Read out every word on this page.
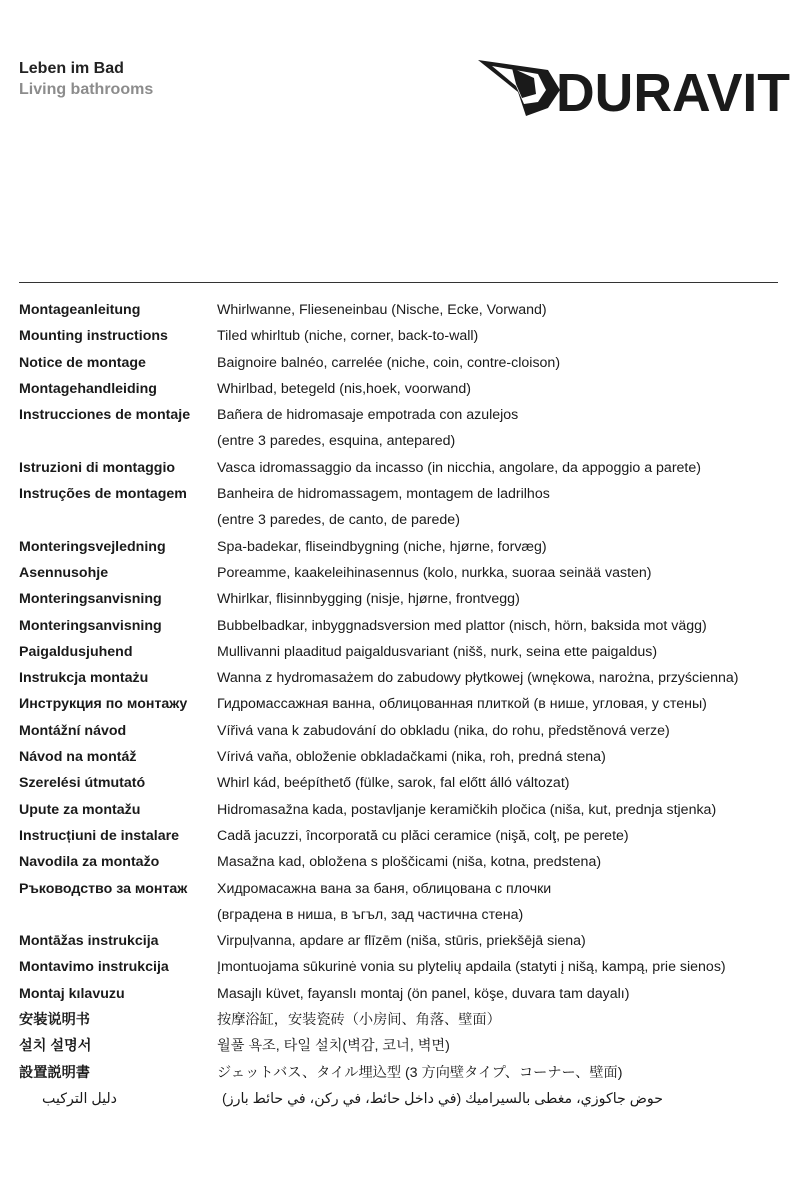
Leben im Bad
Living bathrooms	DURAVIT
Montageanleitung	Whirlwanne, Flieseneinbau (Nische, Ecke, Vorwand)
Mounting instructions	Tiled whirltub (niche, corner, back-to-wall)
Notice de montage	Baignoire balnéo, carrelée (niche, coin, contre-cloison)
Montagehandleiding	Whirlbad, betegeld (nis,hoek, voorwand)
Instrucciones de montaje	Bañera de hidromasaje empotrada con azulejos
(entre 3 paredes, esquina, antepared)
Istruzioni di montaggio	Vasca idromassaggio da incasso (in nicchia, angolare, da appoggio a parete)
Instruções de montagem	Banheira de hidromassagem, montagem de ladrilhos
(entre 3 paredes, de canto, de parede)
Monteringsvejledning	Spa-badekar, fliseindbygning (niche, hjørne, forvæg)
Asennusohje	Poreamme, kaakeleihinasennus (kolo, nurkka, suoraa seinää vasten)
Monteringsanvisning	Whirlkar, flisinnbygging (nisje, hjørne, frontvegg)
Monteringsanvisning	Bubbelbadkar, inbyggnadsversion med plattor (nisch, hörn, baksida mot vägg)
Paigaldusjuhend	Mullivanni plaaditud paigaldusvariant (nišš, nurk, seina ette paigaldus)
Instrukcja montażu	Wanna z hydromasażem do zabudowy płytkowej (wnękowa, narożna, przyścienna)
Инструкция по монтажу	Гидромассажная ванна, облицованная плиткой (в нише, угловая, у стены)
Montážní návod	Vířivá vana k zabudování do obkladu (nika, do rohu, předstěnová verze)
Návod na montáž	Vírivá vaňa, obloženie obkladačkami (nika, roh, predná stena)
Szerelési útmutató	Whirl kád, beépíthető (fülke, sarok, fal előtt álló változat)
Upute za montažu	Hidromasažna kada, postavljanje keramičkih pločica (niša, kut, prednja stjenka)
Instrucțiuni de instalare	Cadă jacuzzi, încorporată cu plăci ceramice (nişă, colţ, pe perete)
Navodila za montažo	Masažna kad, obložena s ploščicami (niša, kotna, predstena)
Ръководство за монтаж	Хидромасажна вана за баня, облицована с плочки
(вградена в ниша, в ъгъл, зад частична стена)
Montāžas instrukcija	Virpuļvanna, apdare ar flīzēm (niša, stūris, priekšējā siena)
Montavimo instrukcija	Įmontuojama sūkurinė vonia su plytelių apdaila (statyti į nišą, kampą, prie sienos)
Montaj kılavuzu	Masajlı küvet, fayanslı montaj (ön panel, köşe, duvara tam dayalı)
安装说明书	按摩浴缸，安装瓷砖（小房间、角落、壁面）
설치 설명서	월풀 욕조, 타일 설치(벽감, 코너, 벽면)
設置説明書	ジェットバス、タイル埋込型 (3 方向壁タイプ、コーナー、壁面)
دليل التركيب	حوض جاكوزي، مغطى بالسيراميك (في داخل حائط، في ركن، في حائط بارز)
